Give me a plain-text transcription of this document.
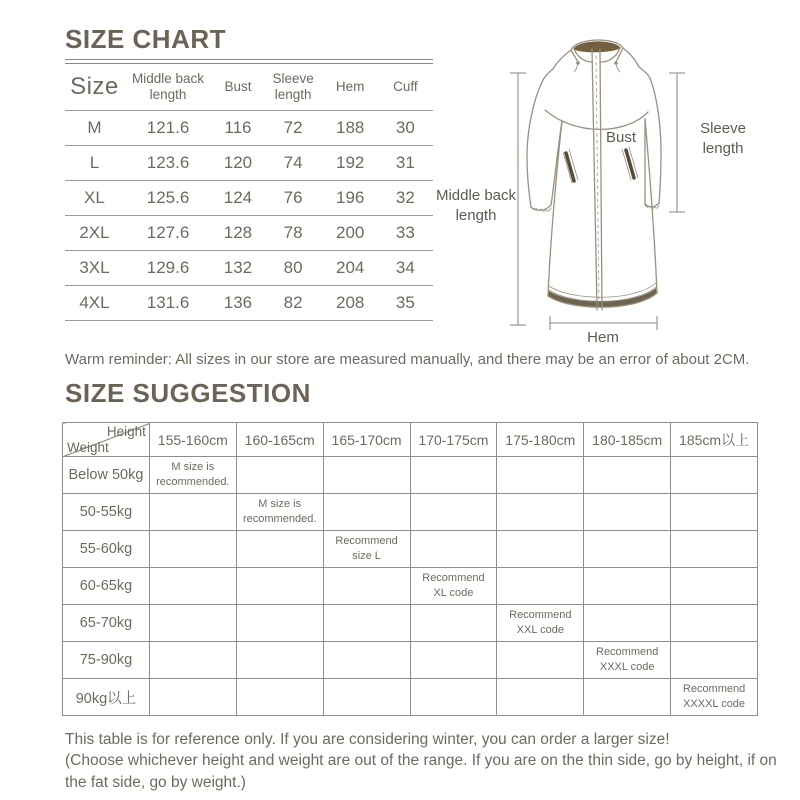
SIZE CHART
Size	Middle back length	Bust	Sleeve length	Hem	Cuff
M	121.6	116	72	188	30
L	123.6	120	74	192	31
XL	125.6	124	76	196	32
2XL	127.6	128	78	200	33
3XL	129.6	132	80	204	34
4XL	131.6	136	82	208	35
Middle back length
Sleeve length
Bust
Hem

Warm reminder: All sizes in our store are measured manually, and there may be an error of about 2CM.

SIZE SUGGESTION
Height
Weight	155-160cm	160-165cm	165-170cm	170-175cm	175-180cm	180-185cm	185cm以上
Below 50kg	M size is recommended.						
50-55kg		M size is recommended.					
55-60kg			Recommend size L				
60-65kg				Recommend XL code			
65-70kg					Recommend XXL code		
75-90kg						Recommend XXXL code	
90kg以上							Recommend XXXXL code
This table is for reference only. If you are considering winter, you can order a larger size!
(Choose whichever height and weight are out of the range. If you are on the thin side, go by height, if on the fat side, go by weight.)
